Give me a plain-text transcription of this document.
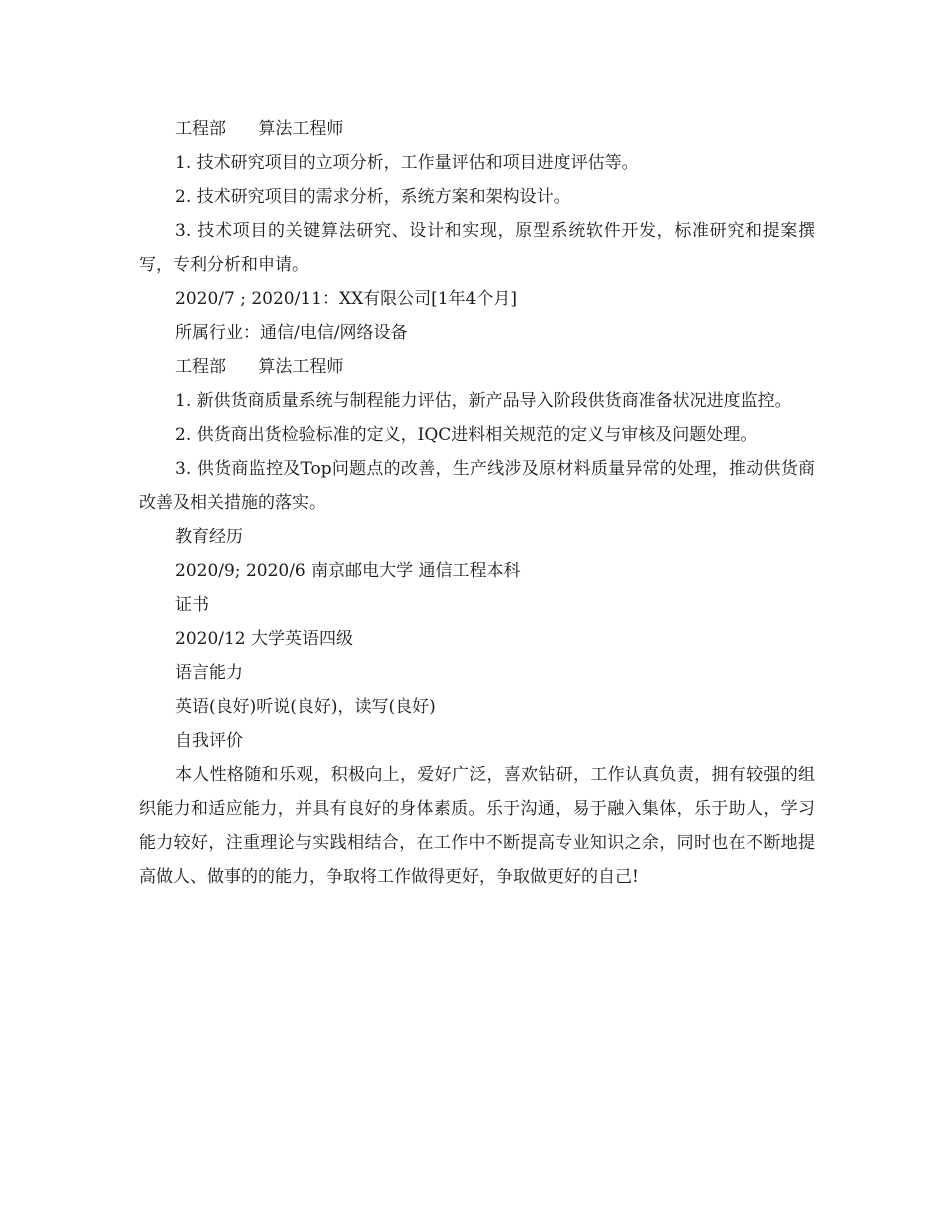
工程部      算法工程师

1. 技术研究项目的立项分析，工作量评估和项目进度评估等。

2. 技术研究项目的需求分析，系统方案和架构设计。

3. 技术项目的关键算法研究、设计和实现，原型系统软件开发，标准研究和提案撰写，专利分析和申请。

2020/7 ; 2020/11：XX有限公司[1年4个月]

所属行业：通信/电信/网络设备

工程部      算法工程师

1. 新供货商质量系统与制程能力评估，新产品导入阶段供货商准备状况进度监控。

2. 供货商出货检验标准的定义，IQC进料相关规范的定义与审核及问题处理。

3. 供货商监控及Top问题点的改善，生产线涉及原材料质量异常的处理，推动供货商改善及相关措施的落实。

教育经历

2020/9; 2020/6 南京邮电大学 通信工程本科

证书

2020/12 大学英语四级

语言能力

英语(良好)听说(良好)，读写(良好)

自我评价

本人性格随和乐观，积极向上，爱好广泛，喜欢钻研，工作认真负责，拥有较强的组织能力和适应能力，并具有良好的身体素质。乐于沟通，易于融入集体，乐于助人，学习能力较好，注重理论与实践相结合，在工作中不断提高专业知识之余，同时也在不断地提高做人、做事的的能力，争取将工作做得更好，争取做更好的自己!
